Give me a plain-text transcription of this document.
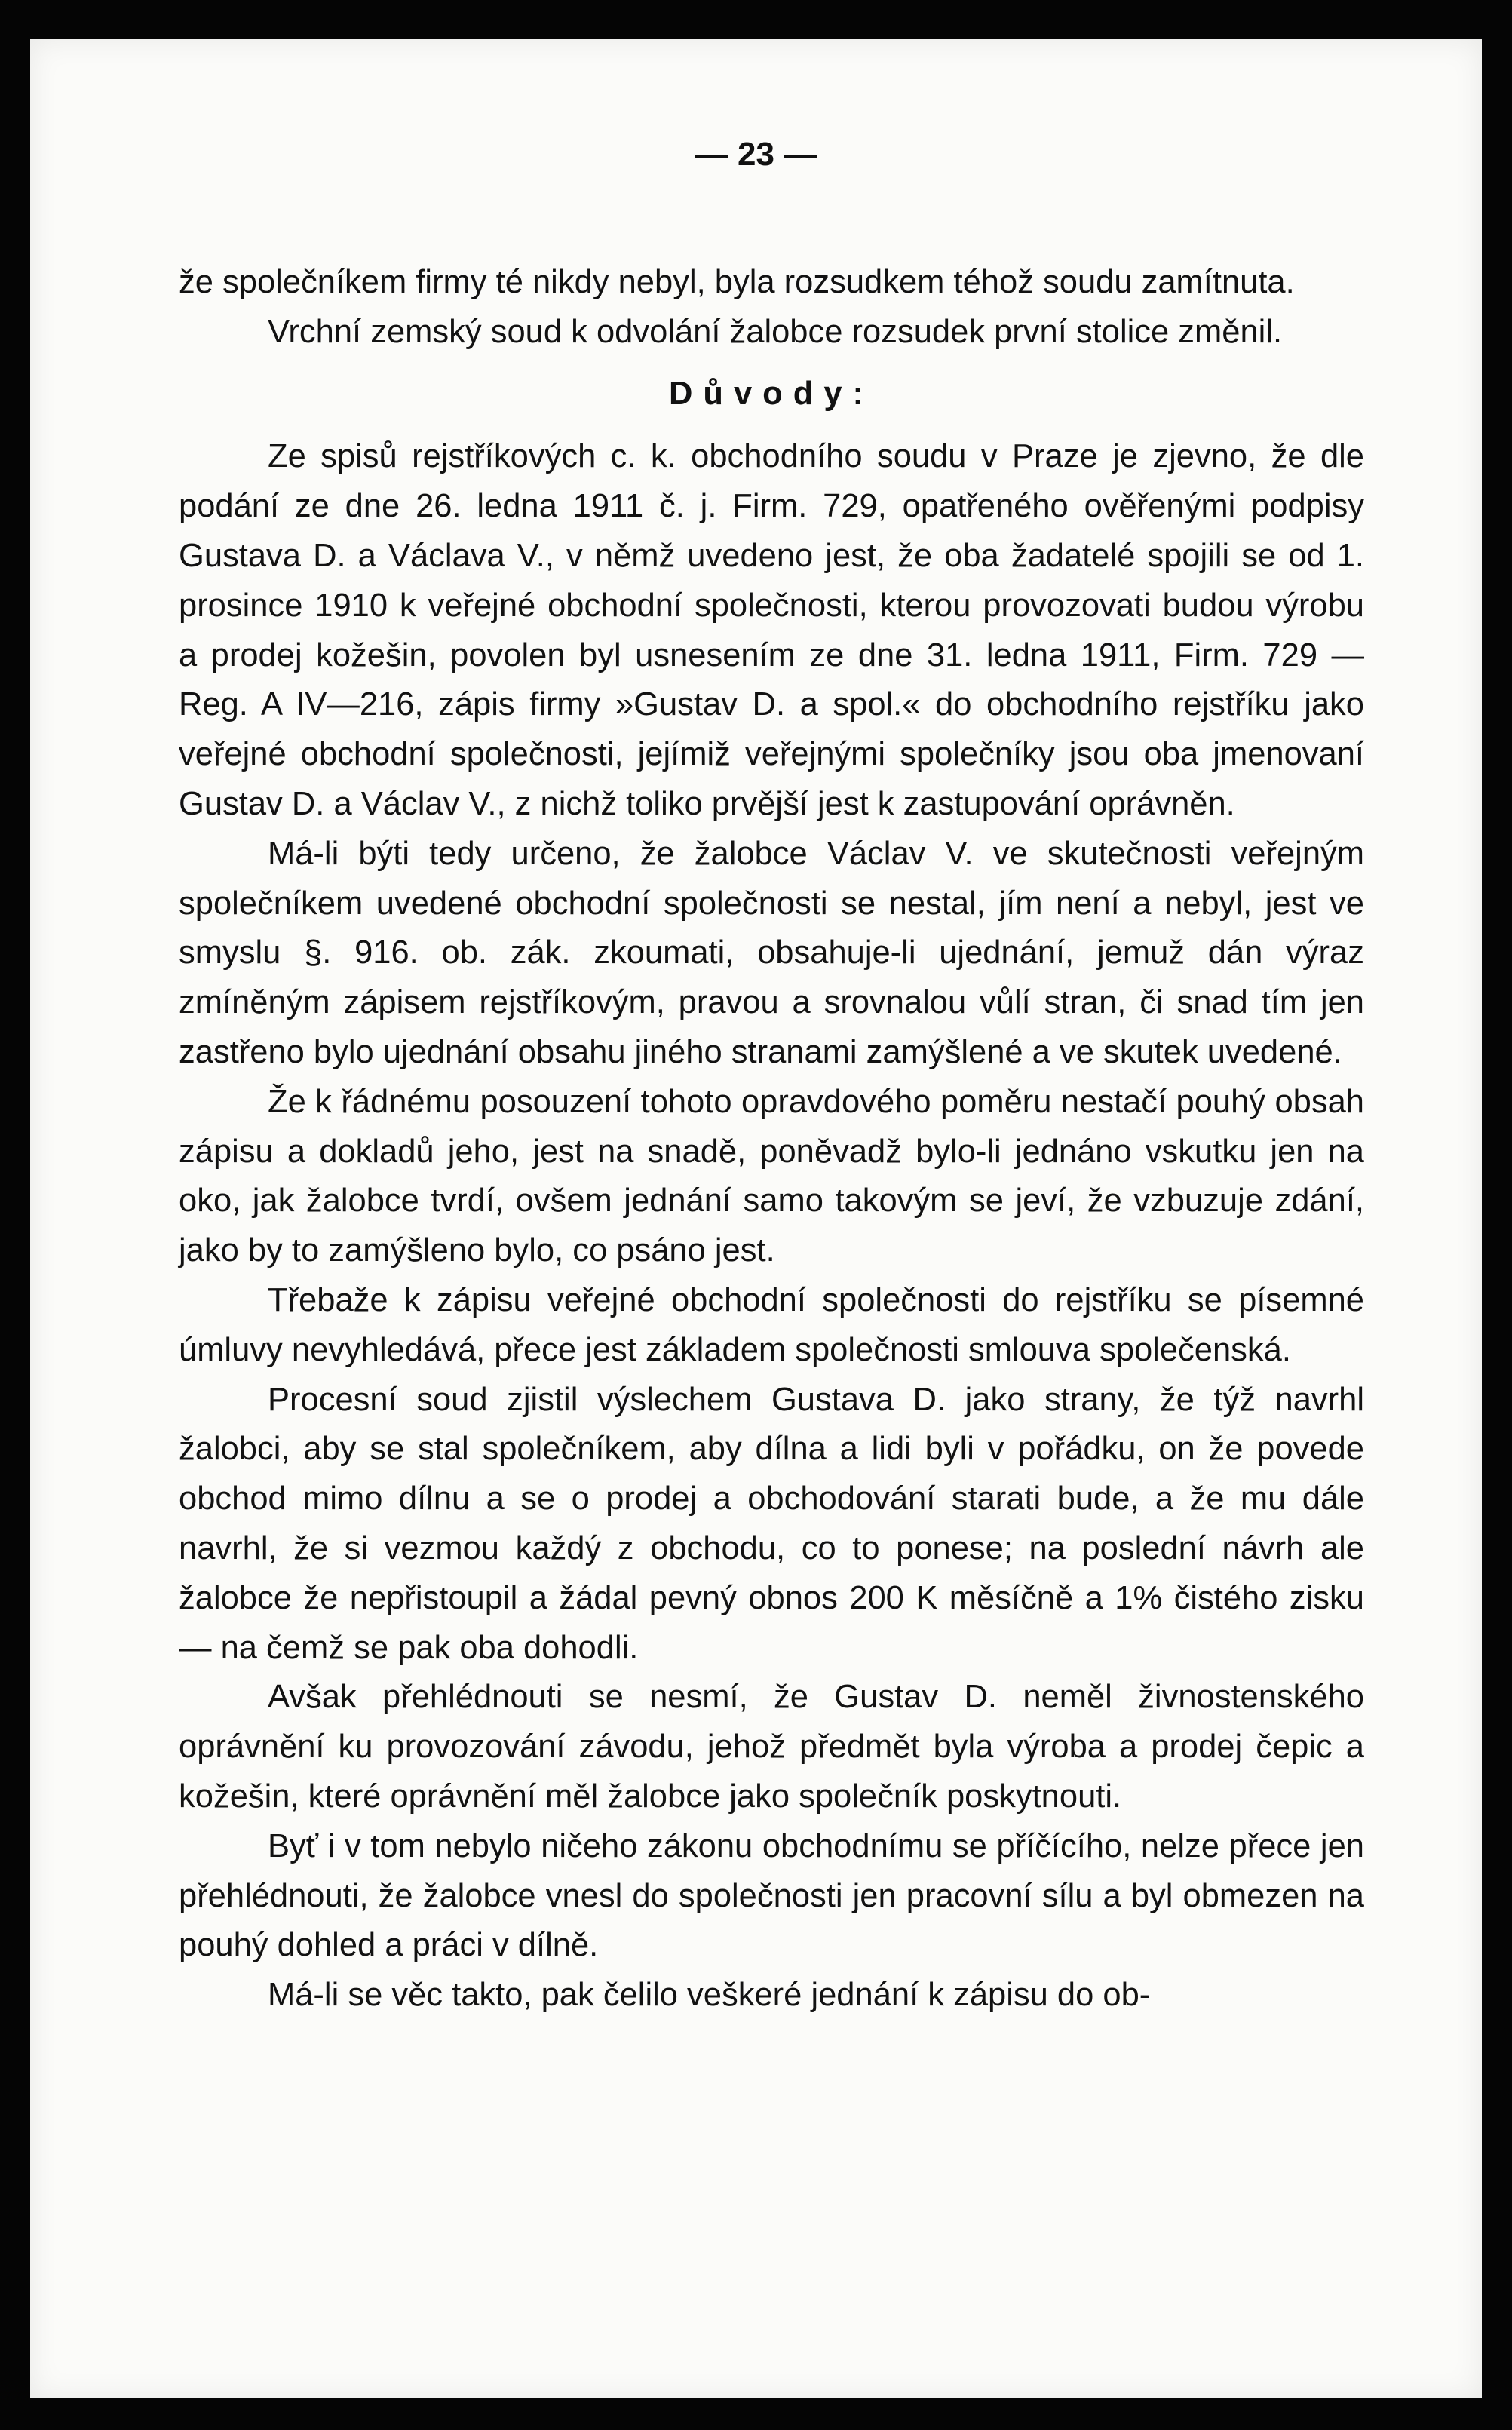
— 23 —

že společníkem firmy té nikdy nebyl, byla rozsudkem téhož soudu zamítnuta.

Vrchní zemský soud k odvolání žalobce rozsudek první stolice změnil.

Důvody:

Ze spisů rejstříkových c. k. obchodního soudu v Praze je zjevno, že dle podání ze dne 26. ledna 1911 č. j. Firm. 729, opatřeného ověřenými podpisy Gustava D. a Václava V., v němž uvedeno jest, že oba žadatelé spojili se od 1. prosince 1910 k veřejné obchodní společnosti, kterou provozovati budou výrobu a prodej kožešin, povolen byl usnesením ze dne 31. ledna 1911, Firm. 729 — Reg. A IV—216, zápis firmy »Gustav D. a spol.« do obchodního rejstříku jako veřejné obchodní společnosti, jejímiž veřejnými společníky jsou oba jmenovaní Gustav D. a Václav V., z nichž toliko prvější jest k zastupování oprávněn.

Má-li býti tedy určeno, že žalobce Václav V. ve skutečnosti veřejným společníkem uvedené obchodní společnosti se nestal, jím není a nebyl, jest ve smyslu §. 916. ob. zák. zkoumati, obsahuje-li ujednání, jemuž dán výraz zmíněným zápisem rejstříkovým, pravou a srovnalou vůlí stran, či snad tím jen zastřeno bylo ujednání obsahu jiného stranami zamýšlené a ve skutek uvedené.

Že k řádnému posouzení tohoto opravdového poměru nestačí pouhý obsah zápisu a dokladů jeho, jest na snadě, poněvadž bylo-li jednáno vskutku jen na oko, jak žalobce tvrdí, ovšem jednání samo takovým se jeví, že vzbuzuje zdání, jako by to zamýšleno bylo, co psáno jest.

Třebaže k zápisu veřejné obchodní společnosti do rejstříku se písemné úmluvy nevyhledává, přece jest základem společnosti smlouva společenská.

Procesní soud zjistil výslechem Gustava D. jako strany, že týž navrhl žalobci, aby se stal společníkem, aby dílna a lidi byli v pořádku, on že povede obchod mimo dílnu a se o prodej a obchodování starati bude, a že mu dále navrhl, že si vezmou každý z obchodu, co to ponese; na poslední návrh ale žalobce že nepřistoupil a žádal pevný obnos 200 K měsíčně a 1% čistého zisku — na čemž se pak oba dohodli.

Avšak přehlédnouti se nesmí, že Gustav D. neměl živnostenského oprávnění ku provozování závodu, jehož předmět byla výroba a prodej čepic a kožešin, které oprávnění měl žalobce jako společník poskytnouti.

Byť i v tom nebylo ničeho zákonu obchodnímu se příčícího, nelze přece jen přehlédnouti, že žalobce vnesl do společnosti jen pracovní sílu a byl obmezen na pouhý dohled a práci v dílně.

Má-li se věc takto, pak čelilo veškeré jednání k zápisu do ob-
